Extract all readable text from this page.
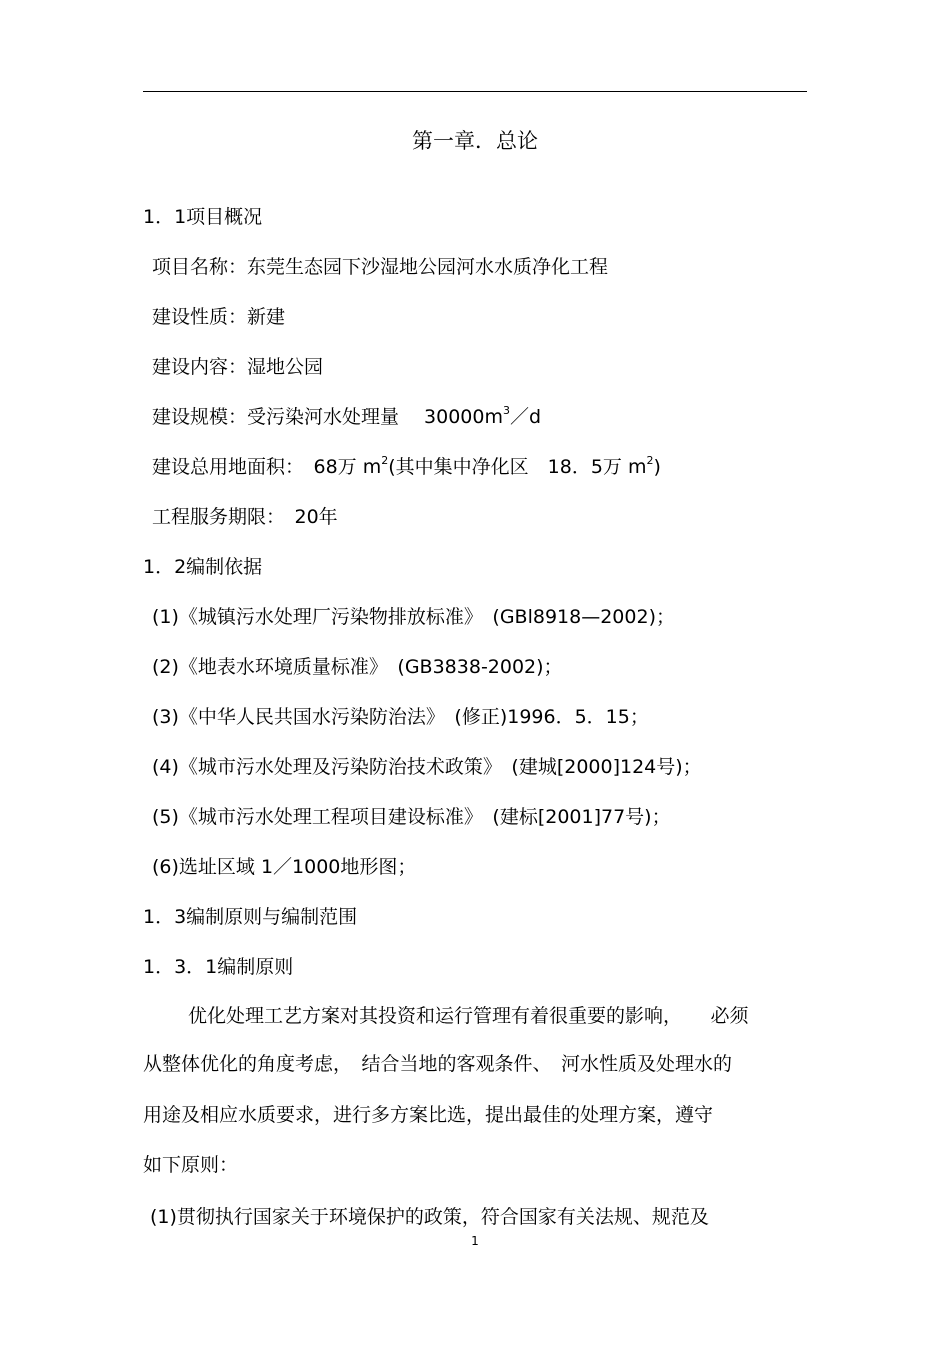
第一章．总论
1．1项目概况
项目名称：东莞生态园下沙湿地公园河水水质净化工程
建设性质：新建
建设内容：湿地公园
建设规模：受污染河水处理量　 $30000m^3/d$
建设总用地面积：　68万 $m^2$(其中集中净化区　18．5万 $m^2$)
工程服务期限：　20年
1．2编制依据
(1)《城镇污水处理厂污染物排放标准》　(GBl8918—2002)；
(2)《地表水环境质量标准》　(GB3838-2002)；
(3)《中华人民共国水污染防治法》　(修正)1996．5．15；
(4)《城市污水处理及污染防治技术政策》　(建城[2000]124号)；
(5)《城市污水处理工程项目建设标准》　(建标[2001]77号)；
(6)选址区域 1／1000地形图；
1．3编制原则与编制范围
1．3．1编制原则
优化处理工艺方案对其投资和运行管理有着很重要的影响，　　必须
从整体优化的角度考虑，　结合当地的客观条件、　河水性质及处理水的
用途及相应水质要求，进行多方案比选，提出最佳的处理方案，遵守
如下原则：
(1)贯彻执行国家关于环境保护的政策，符合国家有关法规、规范及
1
